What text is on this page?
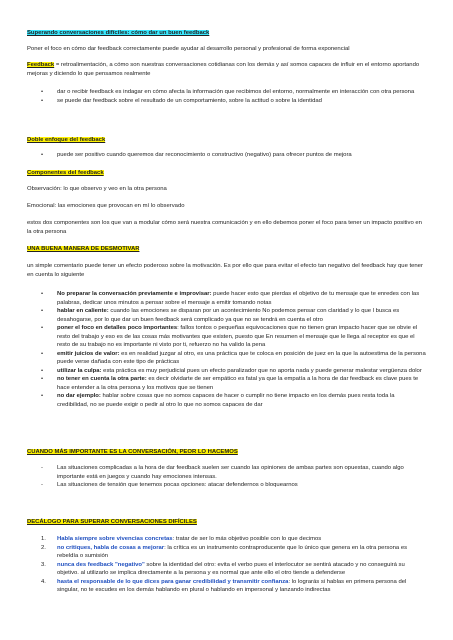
Superando conversaciones difíciles: cómo dar un buen feedback

Poner el foco en cómo dar feedback correctamente puede ayudar al desarrollo personal y profesional de forma exponencial

Feedback = retroalimentación, a cómo son nuestras conversaciones cotidianas con los demás y así somos capaces de influir en el entorno aportando mejoras y diciendo lo que pensamos realmente

• dar o recibir feedback es indagar en cómo afecta la información que recibimos del entorno, normalmente en interacción con otra persona
• se puede dar feedback sobre el resultado de un comportamiento, sobre la actitud o sobre la identidad

Doble enfoque del feedback

• puede ser positivo cuando queremos dar reconocimiento o constructivo (negativo) para ofrecer puntos de mejora

Componentes del feedback

Observación: lo que observo y veo en la otra persona

Emocional: las emociones que provocan en mí lo observado

estos dos componentes son los que van a modular cómo será nuestra comunicación y en ello debemos poner el foco para tener un impacto positivo en la otra persona

UNA BUENA MANERA DE DESMOTIVAR

un simple comentario puede tener un efecto poderoso sobre la motivación. Es por ello que para evitar el efecto tan negativo del feedback hay que tener en cuenta lo siguiente

• No preparar la conversación previamente e improvisar: puede hacer esto que pierdas el objetivo de tu mensaje que te enredes con las palabras, dedicar unos minutos a pensar sobre el mensaje a emitir tomando notas
• hablar en caliente: cuando las emociones se disparan por un acontecimiento No podemos pensar con claridad y lo que l busca es desahogarse, por lo que dar un buen feedback será complicado ya que no se tendrá en cuenta el otro
• poner el foco en detalles poco importantes: fallos tontos o pequeñas equivocaciones que no tienen gran impacto hacer que se obvie el resto del trabajo y eso es de las cosas más motivantes que existen, puesto que En resumen el mensaje que le llega al receptor es que el resto de su trabajo no es importante ni visto por ti, refuerzo no ha valido la pena
• emitir juicios de valor: es en realidad juzgar al otro, es una práctica que te coloca en posición de juez en la que la autoestima de la persona puede verse dañada con este tipo de prácticas
• utilizar la culpa: esta práctica es muy perjudicial pues un efecto paralizador que no aporta nada y puede generar malestar vergüenza dolor
• no tener en cuenta la otra parte: es decir olvidarte de ser empático es fatal ya que la empatía a la hora de dar feedback es clave pues te hace entender a la otra persona y los motivos que se tienen
• no dar ejemplo: hablar sobre cosas que no somos capaces de hacer o cumplir no tiene impacto en los demás pues resta toda la credibilidad, no se puede exigir o pedir al otro lo que no somos capaces de dar

CUANDO MÁS IMPORTANTE ES LA CONVERSACIÓN, PEOR LO HACEMOS

- Las situaciones complicadas a la hora de dar feedback suelen ser cuando las opiniones de ambas partes son opuestas, cuando algo importante está en juegos y cuando hay emociones intensas.
- Las situaciones de tensión que tenemos pocas opciones: atacar defendernos o bloquearnos

DECÁLOGO PARA SUPERAR CONVERSACIONES DIFÍCILES

1. Habla siempre sobre vivencias concretas: tratar de ser lo más objetivo posible con lo que decimos
2. no critiques, habla de cosas a mejorar: la crítica es un instrumento contraproducente que lo único que genera en la otra persona es rebeldía o sumisión
3. nunca des feedback "negativo" sobre la identidad del otro: evita el verbo pues el interlocutor se sentirá atacado y no conseguirá su objetivo. al utilizarlo se implica directamente a la persona y es normal que ante ello el otro tiende a defenderse
4. hasta el responsable de lo que dices para ganar credibilidad y transmitir confianza: lo lograrás si hablas en primera persona del singular, no te escudes en los demás hablando en plural o hablando en impersonal y lanzando indirectas
